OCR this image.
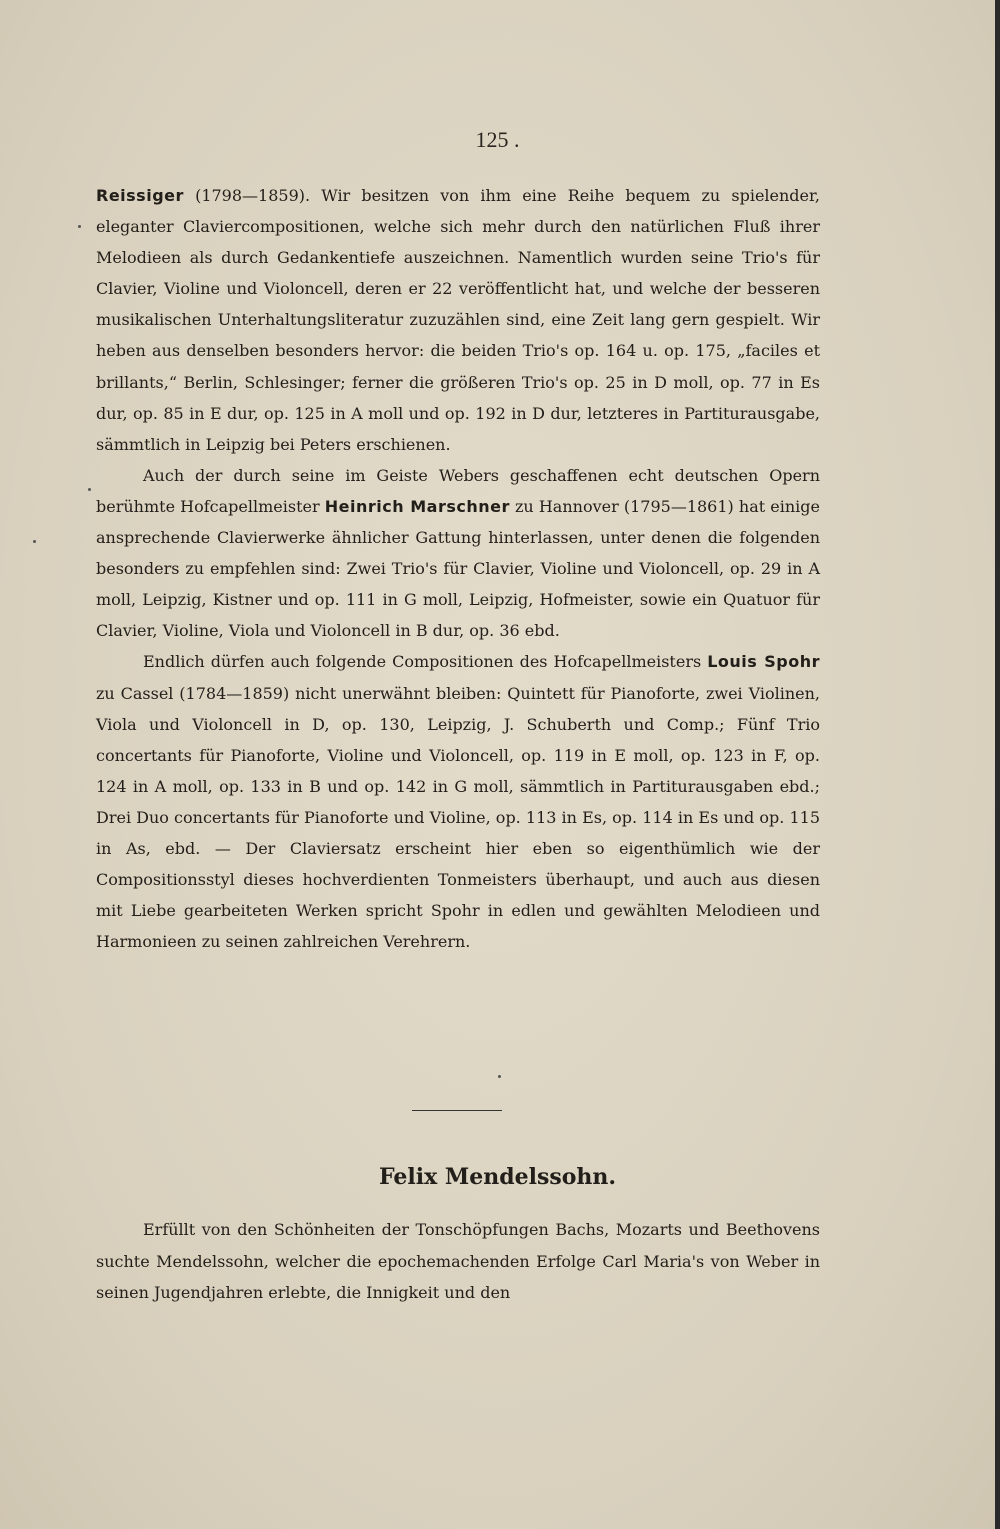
125 .

Reissiger (1798—1859). Wir besitzen von ihm eine Reihe bequem zu spielender, eleganter Claviercompositionen, welche sich mehr durch den natürlichen Fluß ihrer Melodieen als durch Gedankentiefe auszeichnen. Namentlich wurden seine Trio's für Clavier, Violine und Violoncell, deren er 22 veröffentlicht hat, und welche der besseren musikalischen Unterhaltungsliteratur zuzuzählen sind, eine Zeit lang gern gespielt. Wir heben aus denselben besonders hervor: die beiden Trio's op. 164 u. op. 175, „faciles et brillants,“ Berlin, Schlesinger; ferner die größeren Trio's op. 25 in D moll, op. 77 in Es dur, op. 85 in E dur, op. 125 in A moll und op. 192 in D dur, letzteres in Partiturausgabe, sämmtlich in Leipzig bei Peters erschienen.

Auch der durch seine im Geiste Webers geschaffenen echt deutschen Opern berühmte Hofcapellmeister Heinrich Marschner zu Hannover (1795—1861) hat einige ansprechende Clavierwerke ähnlicher Gattung hinterlassen, unter denen die folgenden besonders zu empfehlen sind: Zwei Trio's für Clavier, Violine und Violoncell, op. 29 in A moll, Leipzig, Kistner und op. 111 in G moll, Leipzig, Hofmeister, sowie ein Quatuor für Clavier, Violine, Viola und Violoncell in B dur, op. 36 ebd.

Endlich dürfen auch folgende Compositionen des Hofcapellmeisters Louis Spohr zu Cassel (1784—1859) nicht unerwähnt bleiben: Quintett für Pianoforte, zwei Violinen, Viola und Violoncell in D, op. 130, Leipzig, J. Schuberth und Comp.; Fünf Trio concertants für Pianoforte, Violine und Violoncell, op. 119 in E moll, op. 123 in F, op. 124 in A moll, op. 133 in B und op. 142 in G moll, sämmtlich in Partiturausgaben ebd.; Drei Duo concertants für Pianoforte und Violine, op. 113 in Es, op. 114 in Es und op. 115 in As, ebd. — Der Claviersatz erscheint hier eben so eigenthümlich wie der Compositionsstyl dieses hochverdienten Tonmeisters überhaupt, und auch aus diesen mit Liebe gearbeiteten Werken spricht Spohr in edlen und gewählten Melodieen und Harmonieen zu seinen zahlreichen Verehrern.

Felix Mendelssohn.

Erfüllt von den Schönheiten der Tonschöpfungen Bachs, Mozarts und Beethovens suchte Mendelssohn, welcher die epochemachenden Erfolge Carl Maria's von Weber in seinen Jugendjahren erlebte, die Innigkeit und den
